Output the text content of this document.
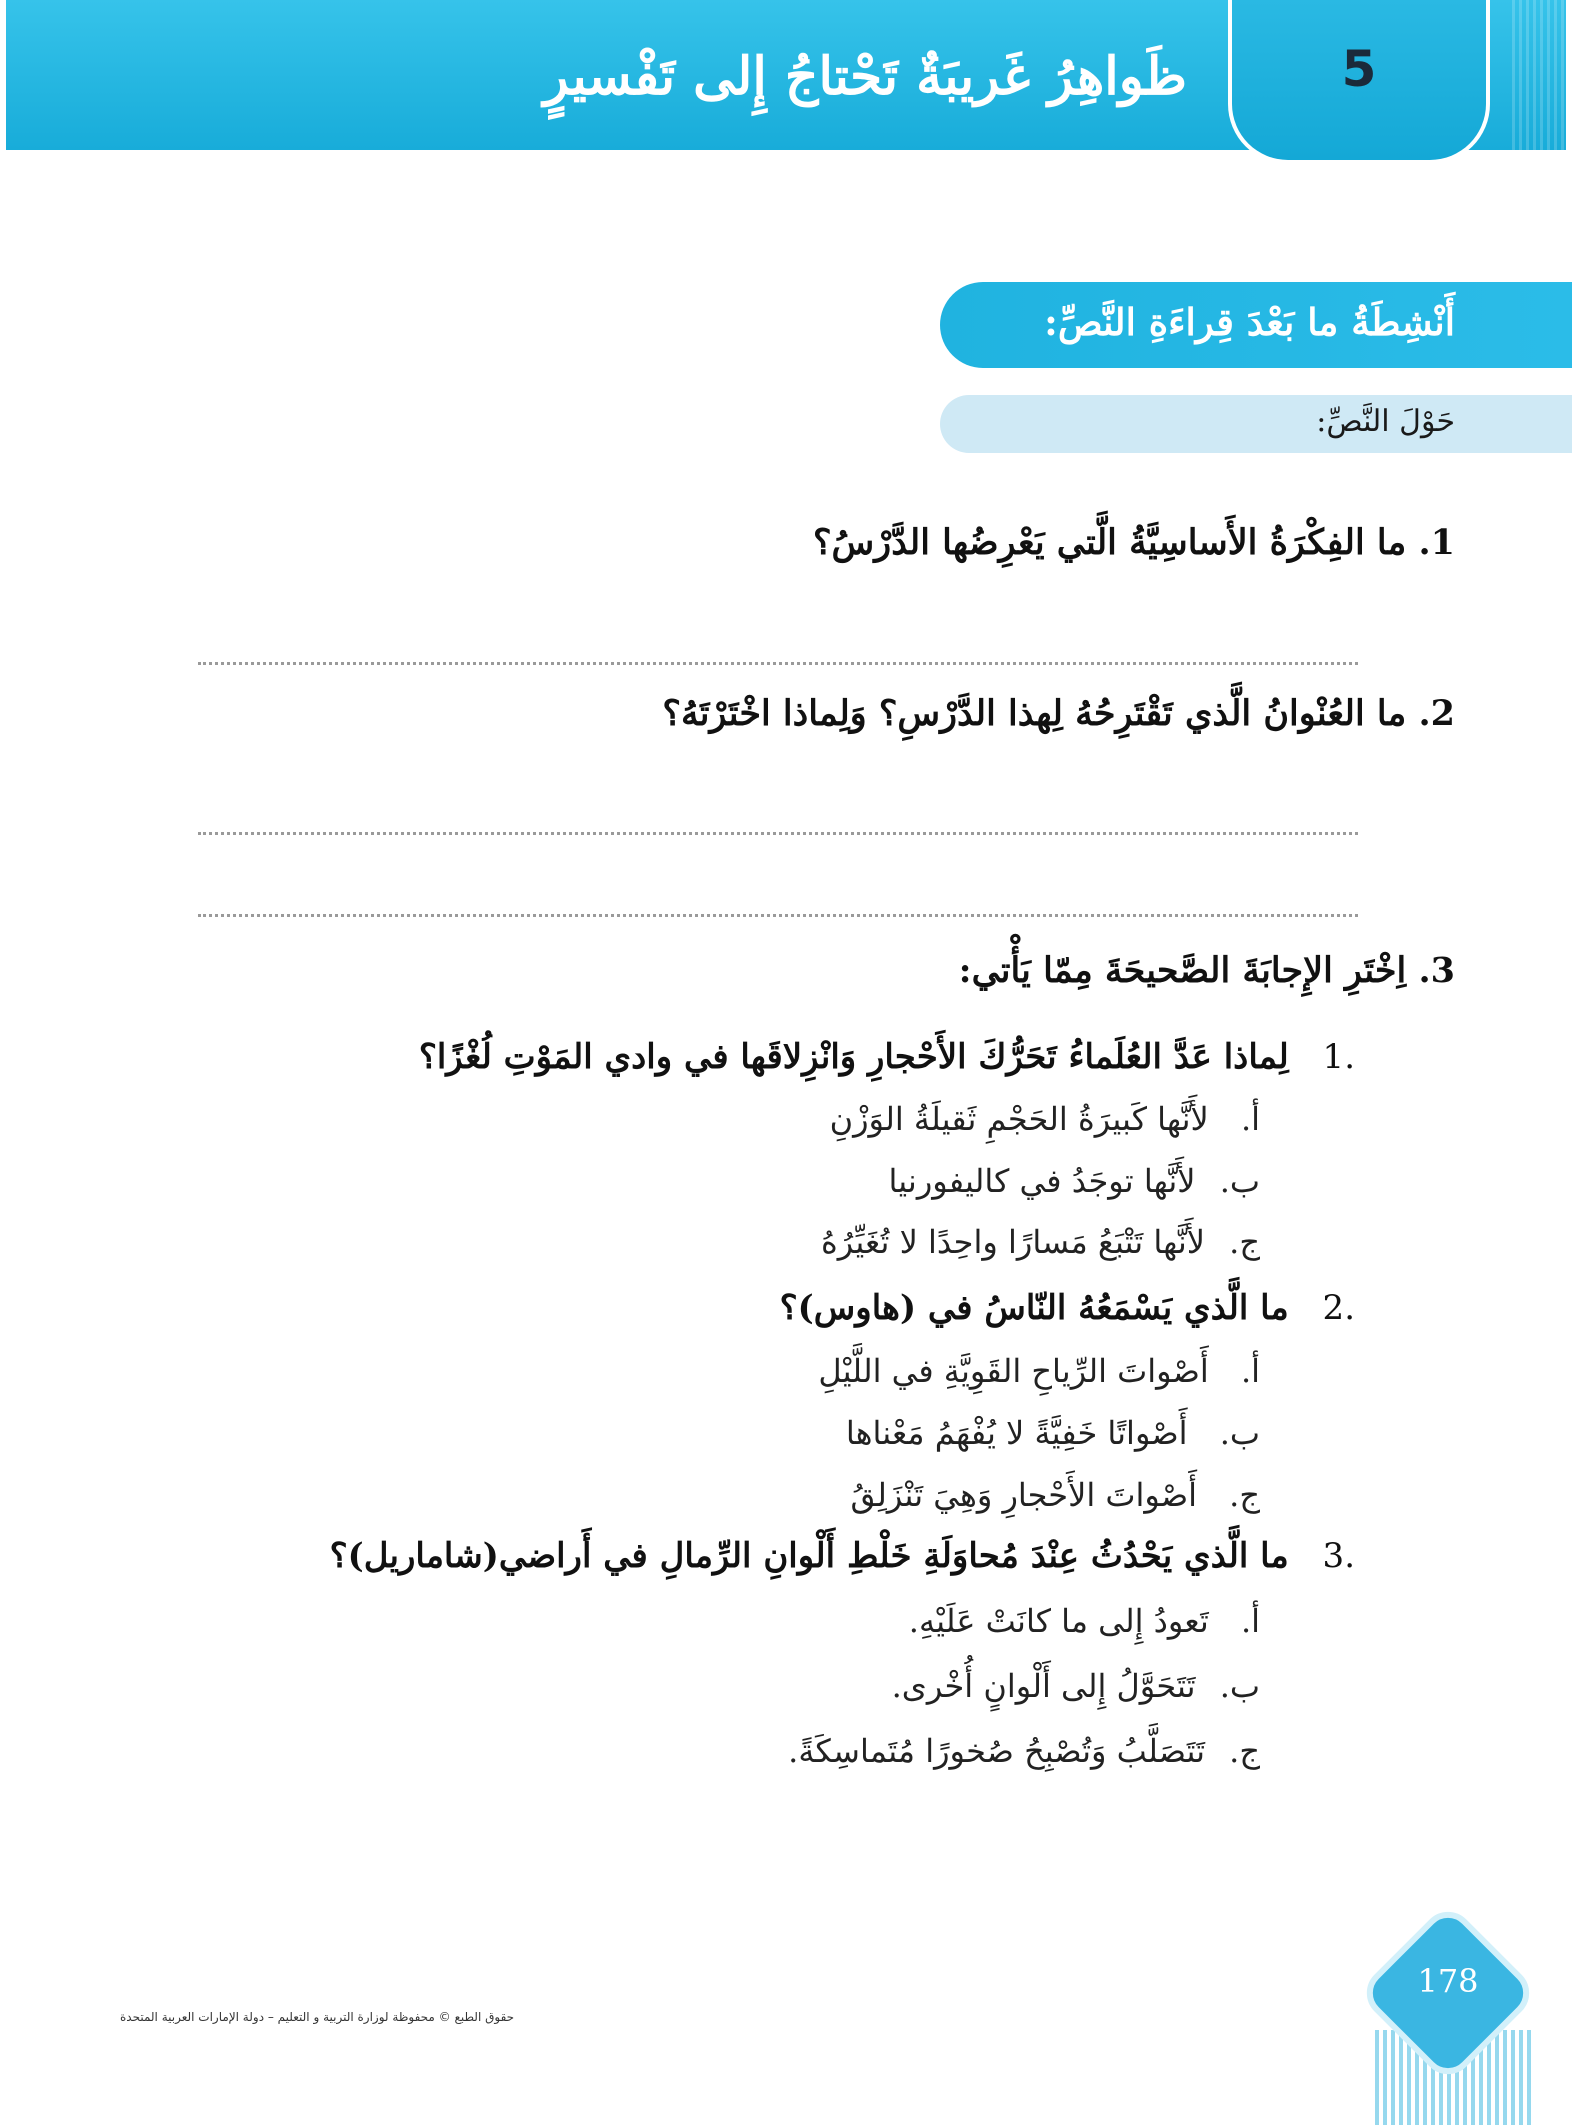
5
ظَواهِرُ غَريبَةٌ تَحْتاجُ إِلى تَفْسيرٍ
أَنْشِطَةُ ما بَعْدَ قِراءَةِ النَّصِّ:
حَوْلَ النَّصِّ:
1. ما الفِكْرَةُ الأَساسِيَّةُ الَّتي يَعْرِضُها الدَّرْسُ؟
2. ما العُنْوانُ الَّذي تَقْتَرِحُهُ لِهذا الدَّرْسِ؟ وَلِماذا اخْتَرْتَهُ؟
3. اِخْتَرِ الإِجابَةَ الصَّحيحَةَ مِمّا يَأْتي:
.1 لِماذا عَدَّ العُلَماءُ تَحَرُّكَ الأَحْجارِ وَانْزِلاقَها في وادي المَوْتِ لُغْزًا؟
أ. لأَنَّها كَبيرَةُ الحَجْمِ ثَقيلَةُ الوَزْنِ
ب. لأَنَّها توجَدُ في كاليفورنيا
ج. لأَنَّها تَتْبَعُ مَسارًا واحِدًا لا تُغَيِّرُهُ
.2 ما الَّذي يَسْمَعُهُ النّاسُ في (هاوس)؟
أ. أَصْواتَ الرِّياحِ القَوِيَّةِ في اللَّيْلِ
ب. أَصْواتًا خَفِيَّةً لا يُفْهَمُ مَعْناها
ج. أَصْواتَ الأَحْجارِ وَهِيَ تَنْزَلِقُ
.3 ما الَّذي يَحْدُثُ عِنْدَ مُحاوَلَةِ خَلْطِ أَلْوانِ الرِّمالِ في أَراضي(شاماريل)؟
أ. تَعودُ إِلى ما كانَتْ عَلَيْهِ.
ب. تَتَحَوَّلُ إِلى أَلْوانٍ أُخْرى.
ج. تَتَصَلَّبُ وَتُصْبِحُ صُخورًا مُتَماسِكَةً.
حقوق الطبع © محفوظة لوزارة التربية و التعليم – دولة الإمارات العربية المتحدة
178
